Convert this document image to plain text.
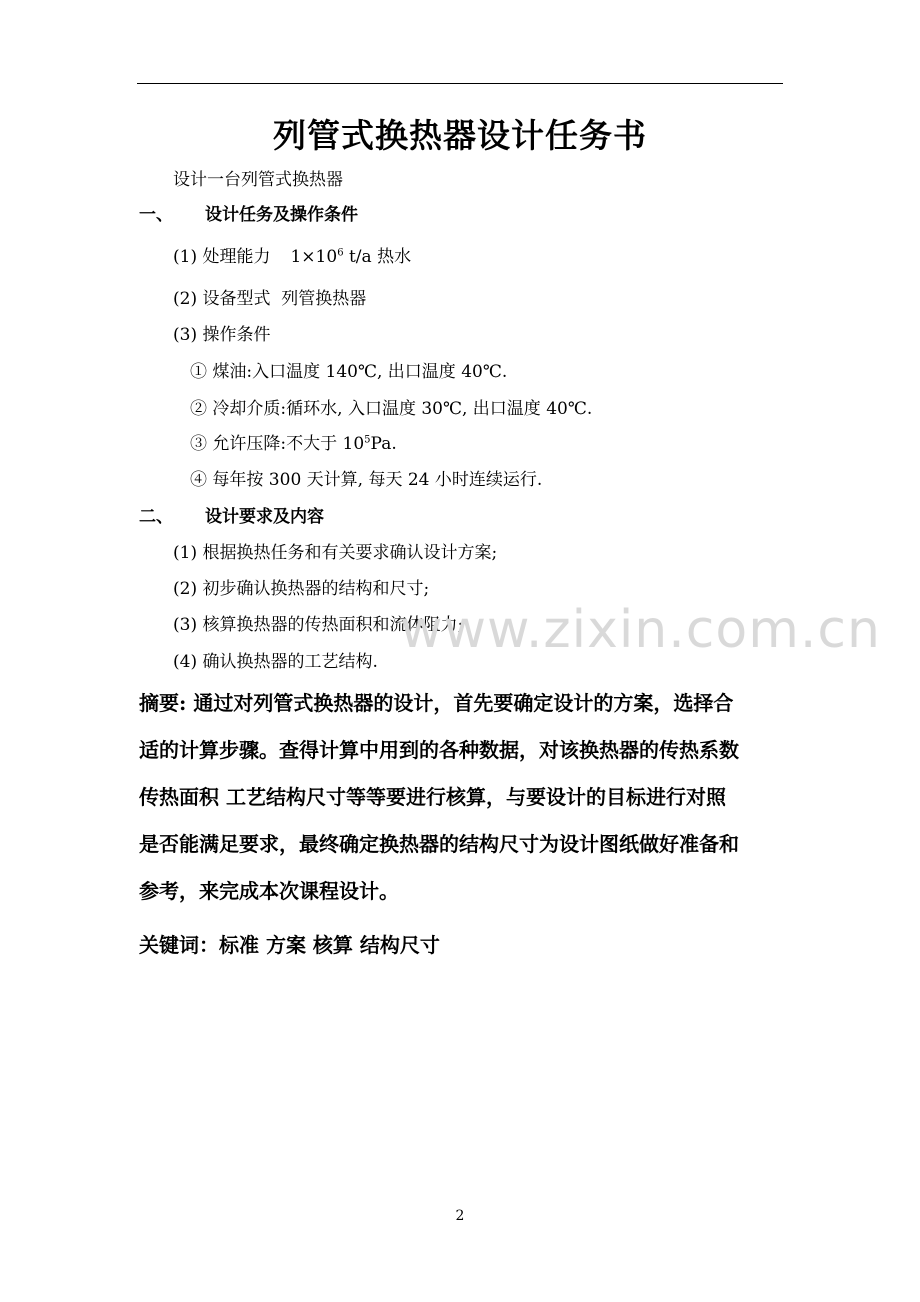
列管式换热器设计任务书
设计一台列管式换热器
一、 设计任务及操作条件
(1) 处理能力 $1\times 10^6$ t/a 热水
(2) 设备型式 列管换热器
(3) 操作条件
① 煤油:入口温度 140℃, 出口温度 40℃.
② 冷却介质:循环水, 入口温度 30℃, 出口温度 40℃.
③ 允许压降:不大于 $10^5Pa$.
④ 每年按 300 天计算, 每天 24 小时连续运行.
二、 设计要求及内容
(1) 根据换热任务和有关要求确认设计方案;
(2) 初步确认换热器的结构和尺寸;
(3) 核算换热器的传热面积和流体阻力;
(4) 确认换热器的工艺结构.
www.zixin.com.cn
摘要: 通过对列管式换热器的设计，首先要确定设计的方案，选择合
适的计算步骤。查得计算中用到的各种数据，对该换热器的传热系数
传热面积 工艺结构尺寸等等要进行核算，与要设计的目标进行对照
是否能满足要求，最终确定换热器的结构尺寸为设计图纸做好准备和
参考，来完成本次课程设计。
关键词：标准 方案 核算 结构尺寸
2
